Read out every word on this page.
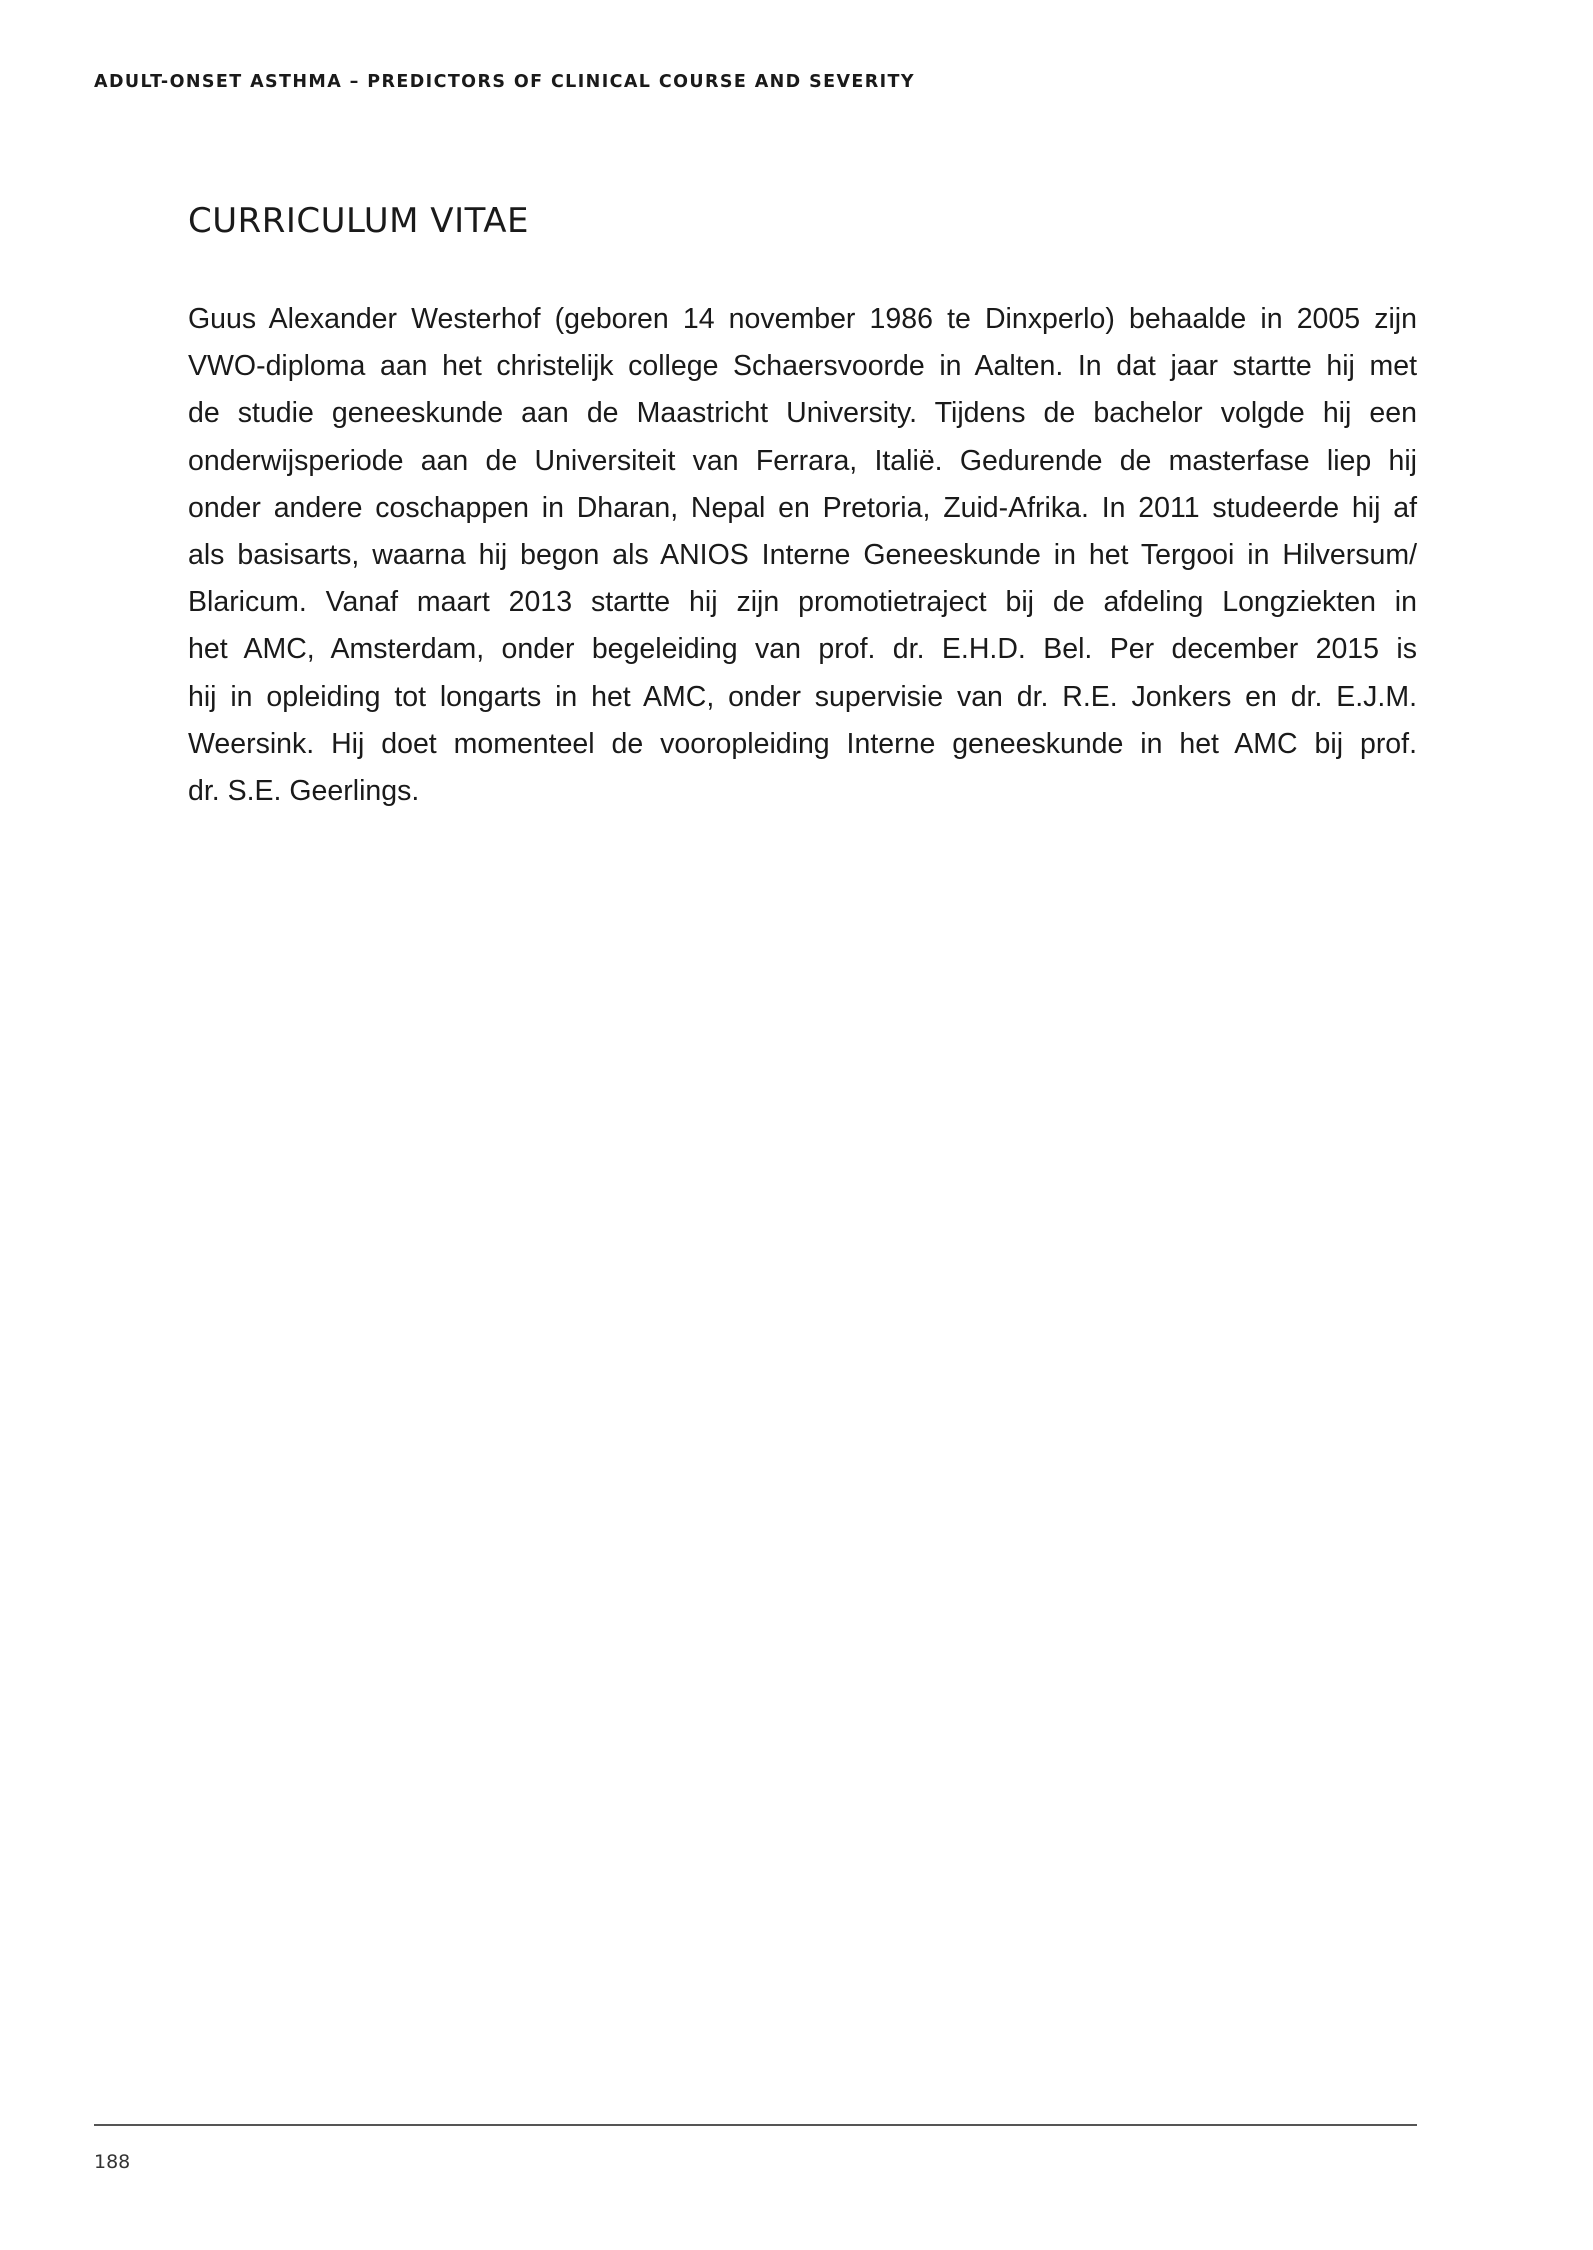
ADULT-ONSET ASTHMA – PREDICTORS OF CLINICAL COURSE AND SEVERITY
CURRICULUM VITAE
Guus Alexander Westerhof (geboren 14 november 1986 te Dinxperlo) behaalde in 2005 zijn
VWO-diploma aan het christelijk college Schaersvoorde in Aalten. In dat jaar startte hij met
de studie geneeskunde aan de Maastricht University. Tijdens de bachelor volgde hij een
onderwijsperiode aan de Universiteit van Ferrara, Italië. Gedurende de masterfase liep hij
onder andere coschappen in Dharan, Nepal en Pretoria, Zuid-Afrika. In 2011 studeerde hij af
als basisarts, waarna hij begon als ANIOS Interne Geneeskunde in het Tergooi in Hilversum/
Blaricum. Vanaf maart 2013 startte hij zijn promotietraject bij de afdeling Longziekten in
het AMC, Amsterdam, onder begeleiding van prof. dr. E.H.D. Bel. Per december 2015 is
hij in opleiding tot longarts in het AMC, onder supervisie van dr. R.E. Jonkers en dr. E.J.M.
Weersink. Hij doet momenteel de vooropleiding Interne geneeskunde in het AMC bij prof.
dr. S.E. Geerlings.
188
